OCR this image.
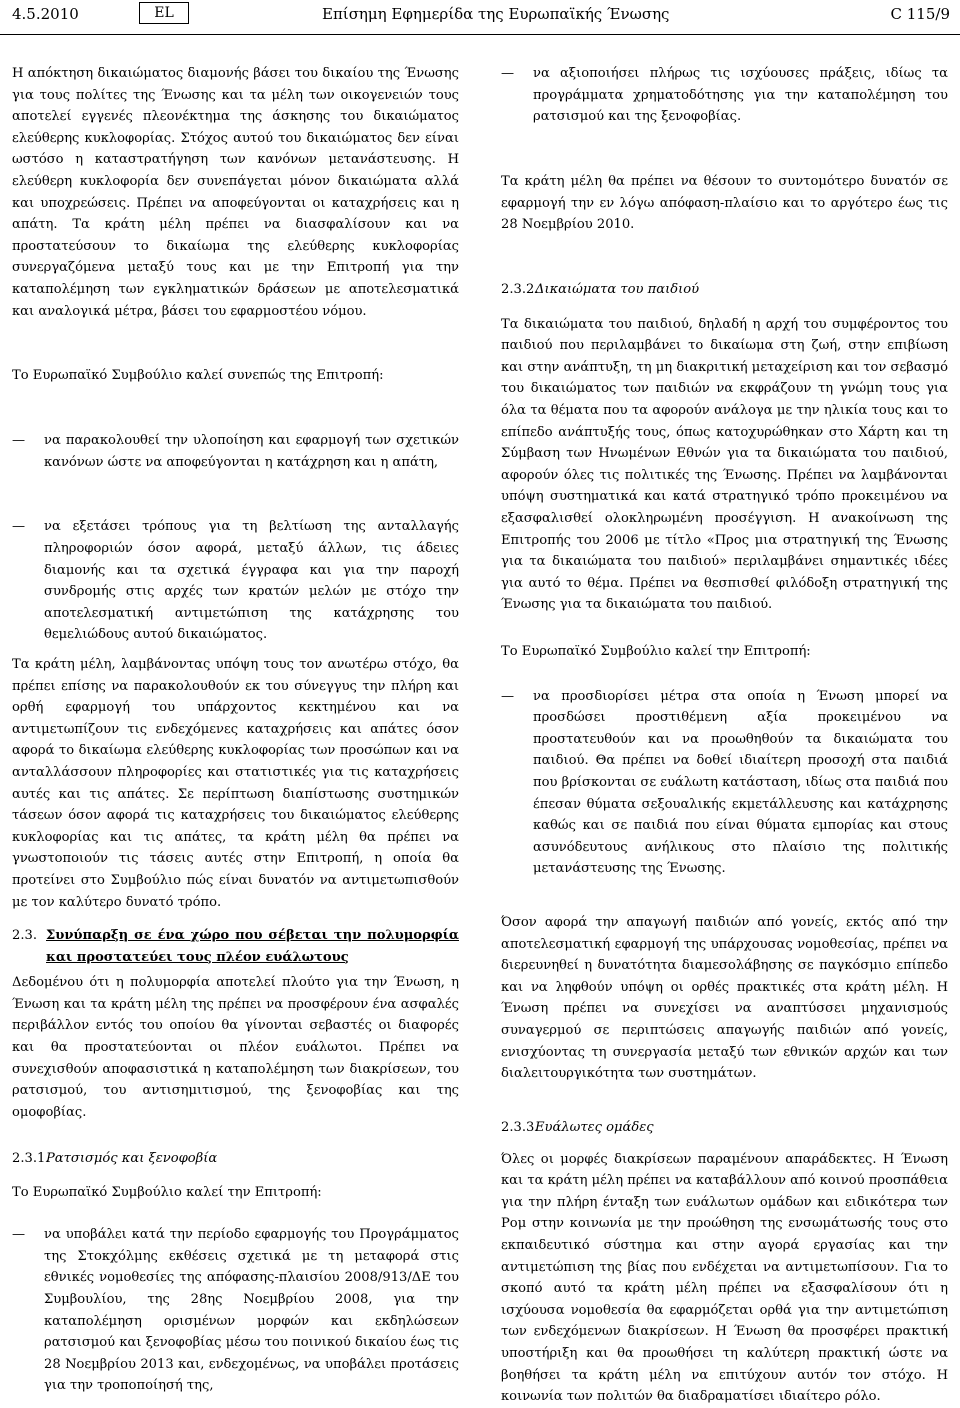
4.5.2010	EL	Επίσημη Εφημερίδα της Ευρωπαϊκής Ένωσης	C 115/9

Η απόκτηση δικαιώματος διαμονής βάσει του δικαίου της Ένωσης για τους πολίτες της Ένωσης και τα μέλη των οικογενειών τους αποτελεί εγγενές πλεονέκτημα της άσκησης του δικαιώματος ελεύθερης κυκλοφορίας. Στόχος αυτού του δικαιώματος δεν είναι ωστόσο η καταστρατήγηση των κανόνων μετανάστευσης. Η ελεύθερη κυκλοφορία δεν συνεπάγεται μόνον δικαιώματα αλλά και υποχρεώσεις. Πρέπει να αποφεύγονται οι καταχρήσεις και η απάτη. Τα κράτη μέλη πρέπει να διασφαλίσουν και να προστατεύσουν το δικαίωμα της ελεύθερης κυκλοφορίας συνεργαζόμενα μεταξύ τους και με την Επιτροπή για την καταπολέμηση των εγκληματικών δράσεων με αποτελεσματικά και αναλογικά μέτρα, βάσει του εφαρμοστέου νόμου.

Το Ευρωπαϊκό Συμβούλιο καλεί συνεπώς της Επιτροπή:

— να παρακολουθεί την υλοποίηση και εφαρμογή των σχετικών κανόνων ώστε να αποφεύγονται η κατάχρηση και η απάτη,
— να εξετάσει τρόπους για τη βελτίωση της ανταλλαγής πληροφοριών όσον αφορά, μεταξύ άλλων, τις άδειες διαμονής και τα σχετικά έγγραφα και για την παροχή συνδρομής στις αρχές των κρατών μελών με στόχο την αποτελεσματική αντιμετώπιση της κατάχρησης του θεμελιώδους αυτού δικαιώματος.

Τα κράτη μέλη, λαμβάνοντας υπόψη τους τον ανωτέρω στόχο, θα πρέπει επίσης να παρακολουθούν εκ του σύνεγγυς την πλήρη και ορθή εφαρμογή του υπάρχοντος κεκτημένου και να αντιμετωπίζουν τις ενδεχόμενες καταχρήσεις και απάτες όσον αφορά το δικαίωμα ελεύθερης κυκλοφορίας των προσώπων και να ανταλλάσσουν πληροφορίες και στατιστικές για τις καταχρήσεις αυτές και τις απάτες. Σε περίπτωση διαπίστωσης συστημικών τάσεων όσον αφορά τις καταχρήσεις του δικαιώματος ελεύθερης κυκλοφορίας και τις απάτες, τα κράτη μέλη θα πρέπει να γνωστοποιούν τις τάσεις αυτές στην Επιτροπή, η οποία θα προτείνει στο Συμβούλιο πώς είναι δυνατόν να αντιμετωπισθούν με τον καλύτερο δυνατό τρόπο.

2.3. Συνύπαρξη σε ένα χώρο που σέβεται την πολυμορφία και προστατεύει τους πλέον ευάλωτους

Δεδομένου ότι η πολυμορφία αποτελεί πλούτο για την Ένωση, η Ένωση και τα κράτη μέλη της πρέπει να προσφέρουν ένα ασφαλές περιβάλλον εντός του οποίου θα γίνονται σεβαστές οι διαφορές και θα προστατεύονται οι πλέον ευάλωτοι. Πρέπει να συνεχισθούν αποφασιστικά η καταπολέμηση των διακρίσεων, του ρατσισμού, του αντισημιτισμού, της ξενοφοβίας και της ομοφοβίας.

2.3.1.
Ρατσισμός και ξενοφοβία

Το Ευρωπαϊκό Συμβούλιο καλεί την Επιτροπή:

— να υποβάλει κατά την περίοδο εφαρμογής του Προγράμματος της Στοκχόλμης εκθέσεις σχετικά με τη μεταφορά στις εθνικές νομοθεσίες της απόφασης-πλαισίου 2008/913/ΔΕ του Συμβουλίου, της 28ης Νοεμβρίου 2008, για την καταπολέμηση ορισμένων μορφών και εκδηλώσεων ρατσισμού και ξενοφοβίας μέσω του ποινικού δικαίου έως τις 28 Νοεμβρίου 2013 και, ενδεχομένως, να υποβάλει προτάσεις για την τροποποίησή της,
— να αξιοποιήσει πλήρως τις ισχύουσες πράξεις, ιδίως τα προγράμματα χρηματοδότησης για την καταπολέμηση του ρατσισμού και της ξενοφοβίας.

Τα κράτη μέλη θα πρέπει να θέσουν το συντομότερο δυνατόν σε εφαρμογή την εν λόγω απόφαση-πλαίσιο και το αργότερο έως τις 28 Νοεμβρίου 2010.

2.3.2.
Δικαιώματα του παιδιού

Τα δικαιώματα του παιδιού, δηλαδή η αρχή του συμφέροντος του παιδιού που περιλαμβάνει το δικαίωμα στη ζωή, στην επιβίωση και στην ανάπτυξη, τη μη διακριτική μεταχείριση και τον σεβασμό του δικαιώματος των παιδιών να εκφράζουν τη γνώμη τους για όλα τα θέματα που τα αφορούν ανάλογα με την ηλικία τους και το επίπεδο ανάπτυξής τους, όπως κατοχυρώθηκαν στο Χάρτη και τη Σύμβαση των Ηνωμένων Εθνών για τα δικαιώματα του παιδιού, αφορούν όλες τις πολιτικές της Ένωσης. Πρέπει να λαμβάνονται υπόψη συστηματικά και κατά στρατηγικό τρόπο προκειμένου να εξασφαλισθεί ολοκληρωμένη προσέγγιση. Η ανακοίνωση της Επιτροπής του 2006 με τίτλο «Προς μια στρατηγική της Ένωσης για τα δικαιώματα του παιδιού» περιλαμβάνει σημαντικές ιδέες για αυτό το θέμα. Πρέπει να θεσπισθεί φιλόδοξη στρατηγική της Ένωσης για τα δικαιώματα του παιδιού.

Το Ευρωπαϊκό Συμβούλιο καλεί την Επιτροπή:

— να προσδιορίσει μέτρα στα οποία η Ένωση μπορεί να προσδώσει προστιθέμενη αξία προκειμένου να προστατευθούν και να προωθηθούν τα δικαιώματα του παιδιού. Θα πρέπει να δοθεί ιδιαίτερη προσοχή στα παιδιά που βρίσκονται σε ευάλωτη κατάσταση, ιδίως στα παιδιά που έπεσαν θύματα σεξουαλικής εκμετάλλευσης και κατάχρησης καθώς και σε παιδιά που είναι θύματα εμπορίας και στους ασυνόδευτους ανήλικους στο πλαίσιο της πολιτικής μετανάστευσης της Ένωσης.

Όσον αφορά την απαγωγή παιδιών από γονείς, εκτός από την αποτελεσματική εφαρμογή της υπάρχουσας νομοθεσίας, πρέπει να διερευνηθεί η δυνατότητα διαμεσολάβησης σε παγκόσμιο επίπεδο και να ληφθούν υπόψη οι ορθές πρακτικές στα κράτη μέλη. Η Ένωση πρέπει να συνεχίσει να αναπτύσσει μηχανισμούς συναγερμού σε περιπτώσεις απαγωγής παιδιών από γονείς, ενισχύοντας τη συνεργασία μεταξύ των εθνικών αρχών και των διαλειτουργικότητα των συστημάτων.

2.3.3.
Ευάλωτες ομάδες

Όλες οι μορφές διακρίσεων παραμένουν απαράδεκτες. Η Ένωση και τα κράτη μέλη πρέπει να καταβάλλουν από κοινού προσπάθεια για την πλήρη ένταξη των ευάλωτων ομάδων και ειδικότερα των Ρομ στην κοινωνία με την προώθηση της ενσωμάτωσής τους στο εκπαιδευτικό σύστημα και στην αγορά εργασίας και την αντιμετώπιση της βίας που ενδέχεται να αντιμετωπίσουν. Για το σκοπό αυτό τα κράτη μέλη πρέπει να εξασφαλίσουν ότι η ισχύουσα νομοθεσία θα εφαρμόζεται ορθά για την αντιμετώπιση των ενδεχόμενων διακρίσεων. Η Ένωση θα προσφέρει πρακτική υποστήριξη και θα προωθήσει τη καλύτερη πρακτική ώστε να βοηθήσει τα κράτη μέλη να επιτύχουν αυτόν τον στόχο. Η κοινωνία των πολιτών θα διαδραματίσει ιδιαίτερο ρόλο.
